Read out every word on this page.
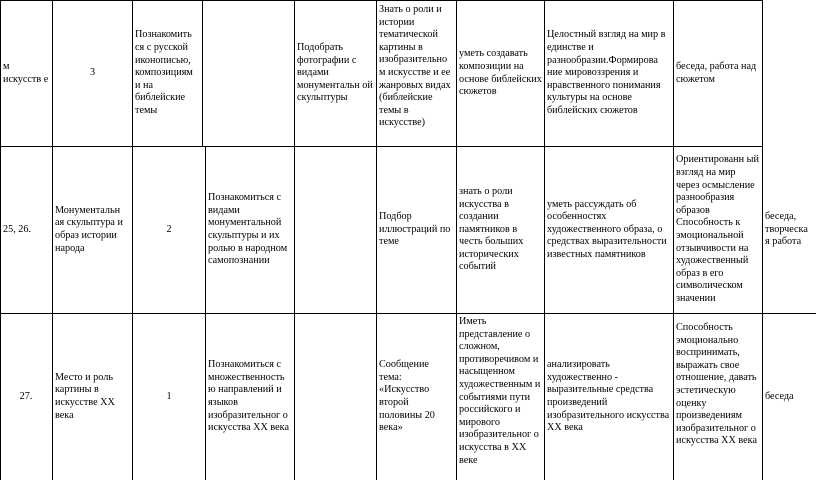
м искусств е
3
Познакомить ся с русской иконописью, композициям и на библейские темы
Подобрать фотографии с видами монументальн ой скульптуры
Знать о роли и истории тематической картины в изобразительно м искусстве и ее жанровых видах (библейские темы в искусстве)
уметь создавать композиции на основе библейских сюжетов
Целостный взгляд на мир в единстве и разнообразии.Формирова ние мировоззрения и нравственного понимания культуры на основе библейских сюжетов
беседа, работа над сюжетом
25, 26.
Монументальн ая скульптура и образ истории народа
2
Познакомиться с видами монументальной скульптуры и их ролью в народном самопознании
Подбор иллюстраций по теме
знать о роли искусства в создании памятников в честь больших исторических событий
уметь рассуждать об особенностях художественного образа, о средствах выразительности известных памятников
Ориентированн ый взгляд на мир через осмысление разнообразия образов Способность к эмоциональной отзывчивости на художественный образ в его символическом значении
беседа, творческа я работа
27.
Место и роль картины в искусстве XX века
1
Познакомиться с множественность ю направлений и языков изобразительног о искусства XX века
Сообщение тема: «Искусство второй половины 20 века»
Иметь представление о сложном, противоречивом и насыщенном художественным и событиями пути российского и мирового изобразительног о искусства в XX веке
анализировать художественно - выразительные средства произведений изобразительного искусства XX века
Способность эмоционально воспринимать, выражать свое отношение, давать эстетическую оценку произведениям изобразительног о искусства XX века
беседа
